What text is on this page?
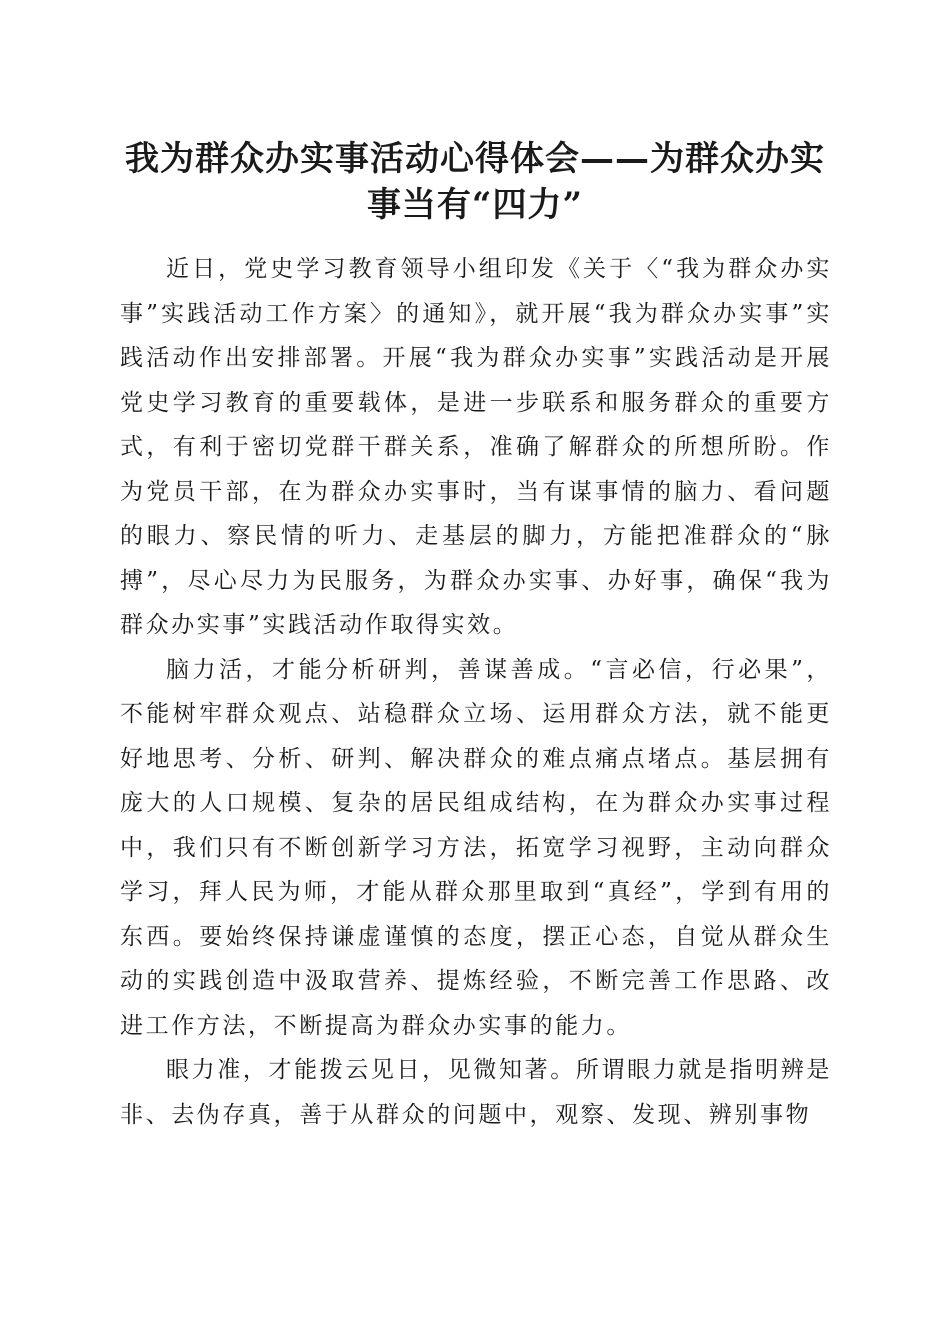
我为群众办实事活动心得体会——为群众办实事当有“四力”

近日，党史学习教育领导小组印发《关于〈“我为群众办实事”实践活动工作方案〉的通知》，就开展“我为群众办实事”实践活动作出安排部署。开展“我为群众办实事”实践活动是开展党史学习教育的重要载体，是进一步联系和服务群众的重要方式，有利于密切党群干群关系，准确了解群众的所想所盼。作为党员干部，在为群众办实事时，当有谋事情的脑力、看问题的眼力、察民情的听力、走基层的脚力，方能把准群众的“脉搏”，尽心尽力为民服务，为群众办实事、办好事，确保“我为群众办实事”实践活动作取得实效。

脑力活，才能分析研判，善谋善成。“言必信，行必果”，不能树牢群众观点、站稳群众立场、运用群众方法，就不能更好地思考、分析、研判、解决群众的难点痛点堵点。基层拥有庞大的人口规模、复杂的居民组成结构，在为群众办实事过程中，我们只有不断创新学习方法，拓宽学习视野，主动向群众学习，拜人民为师，才能从群众那里取到“真经”，学到有用的东西。要始终保持谦虚谨慎的态度，摆正心态，自觉从群众生动的实践创造中汲取营养、提炼经验，不断完善工作思路、改进工作方法，不断提高为群众办实事的能力。

眼力准，才能拨云见日，见微知著。所谓眼力就是指明辨是非、去伪存真，善于从群众的问题中，观察、发现、辨别事物
